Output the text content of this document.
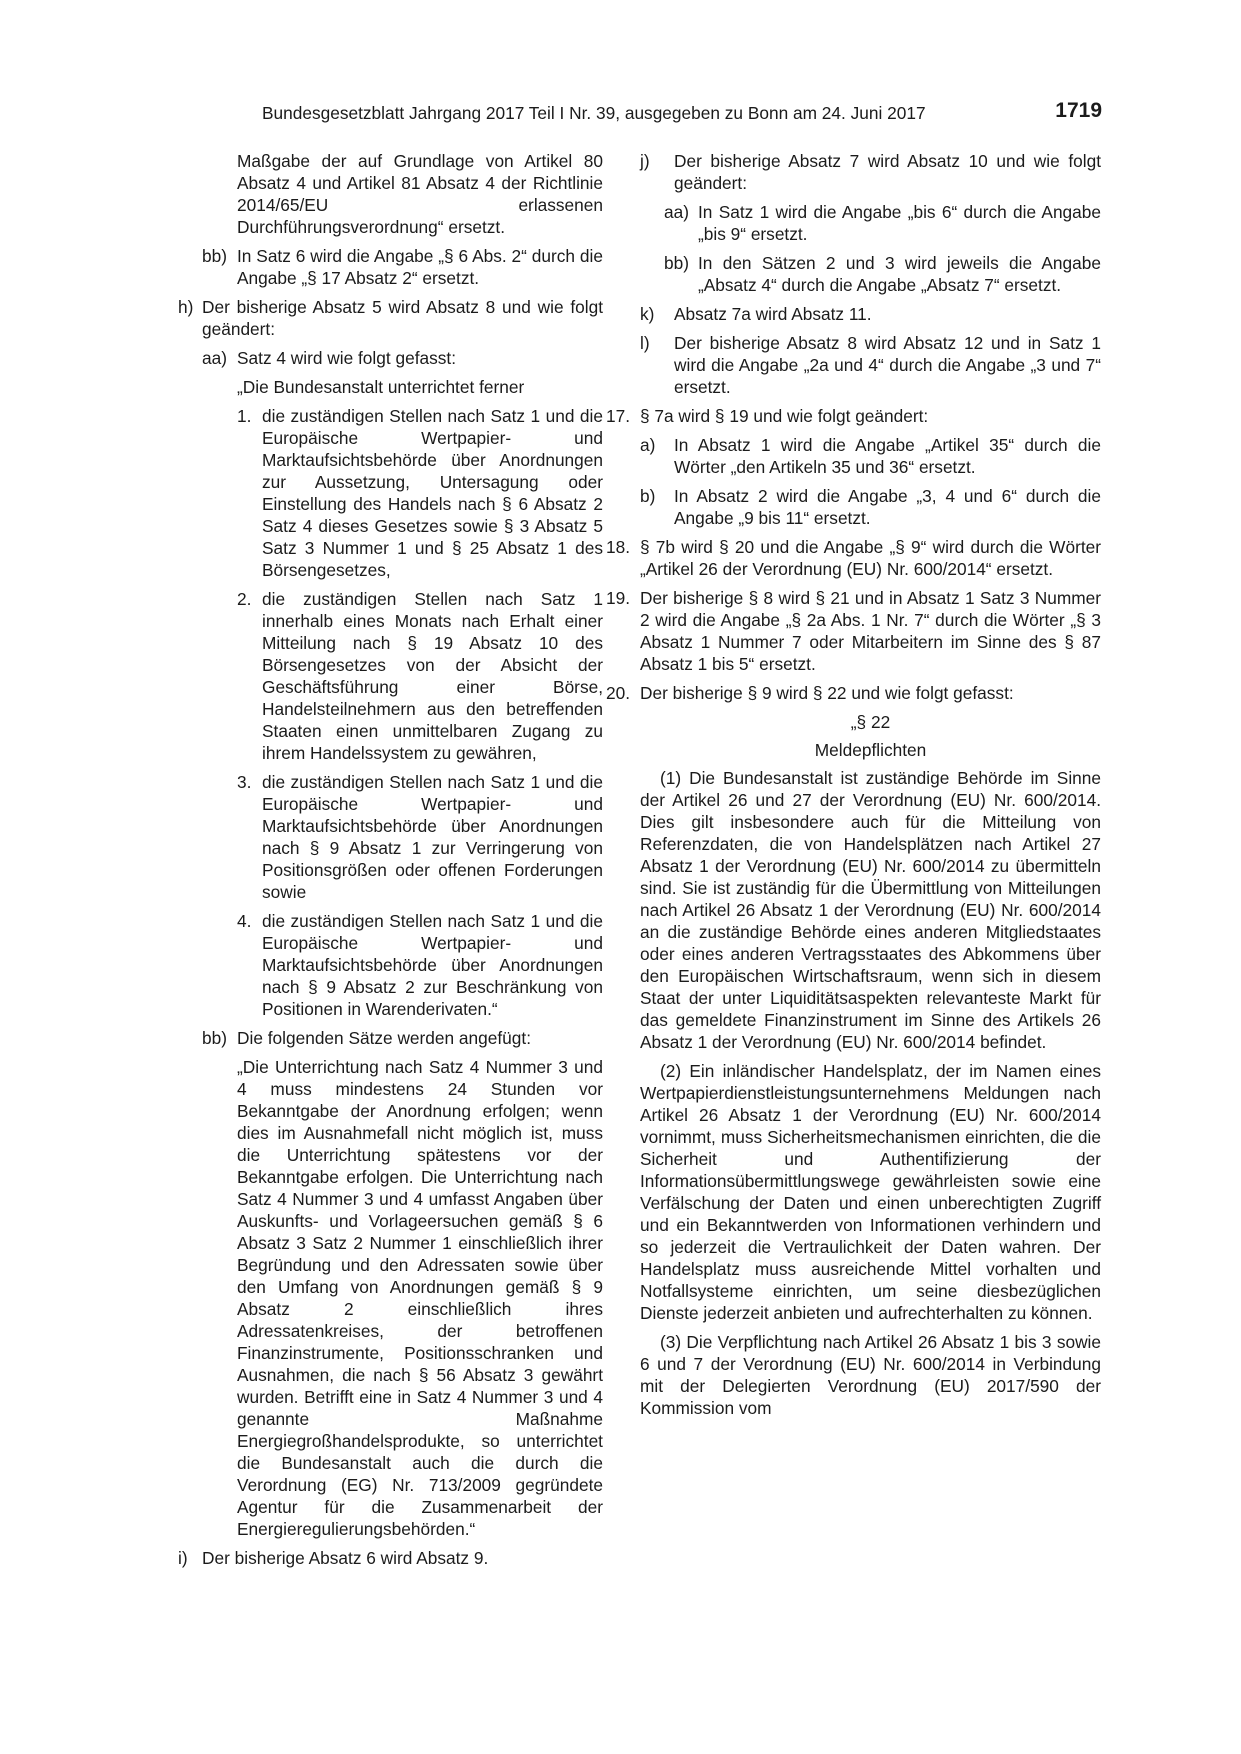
Bundesgesetzblatt Jahrgang 2017 Teil I Nr. 39, ausgegeben zu Bonn am 24. Juni 2017	1719

Maßgabe der auf Grundlage von Artikel 80 Absatz 4 und Artikel 81 Absatz 4 der Richtlinie 2014/65/EU erlassenen Durchführungsverordnung“ ersetzt.

bb) In Satz 6 wird die Angabe „§ 6 Abs. 2“ durch die Angabe „§ 17 Absatz 2“ ersetzt.
h) Der bisherige Absatz 5 wird Absatz 8 und wie folgt geändert:
aa) Satz 4 wird wie folgt gefasst:

„Die Bundesanstalt unterrichtet ferner

1. die zuständigen Stellen nach Satz 1 und die Europäische Wertpapier- und Marktaufsichtsbehörde über Anordnungen zur Aussetzung, Untersagung oder Einstellung des Handels nach § 6 Absatz 2 Satz 4 dieses Gesetzes sowie § 3 Absatz 5 Satz 3 Nummer 1 und § 25 Absatz 1 des Börsengesetzes,
2. die zuständigen Stellen nach Satz 1 innerhalb eines Monats nach Erhalt einer Mitteilung nach § 19 Absatz 10 des Börsengesetzes von der Absicht der Geschäftsführung einer Börse, Handelsteilnehmern aus den betreffenden Staaten einen unmittelbaren Zugang zu ihrem Handelssystem zu gewähren,
3. die zuständigen Stellen nach Satz 1 und die Europäische Wertpapier- und Marktaufsichtsbehörde über Anordnungen nach § 9 Absatz 1 zur Verringerung von Positionsgrößen oder offenen Forderungen sowie
4. die zuständigen Stellen nach Satz 1 und die Europäische Wertpapier- und Marktaufsichtsbehörde über Anordnungen nach § 9 Absatz 2 zur Beschränkung von Positionen in Warenderivaten.“
bb) Die folgenden Sätze werden angefügt:

„Die Unterrichtung nach Satz 4 Nummer 3 und 4 muss mindestens 24 Stunden vor Bekanntgabe der Anordnung erfolgen; wenn dies im Ausnahmefall nicht möglich ist, muss die Unterrichtung spätestens vor der Bekanntgabe erfolgen. Die Unterrichtung nach Satz 4 Nummer 3 und 4 umfasst Angaben über Auskunfts- und Vorlageersuchen gemäß § 6 Absatz 3 Satz 2 Nummer 1 einschließlich ihrer Begründung und den Adressaten sowie über den Umfang von Anordnungen gemäß § 9 Absatz 2 einschließlich ihres Adressatenkreises, der betroffenen Finanzinstrumente, Positionsschranken und Ausnahmen, die nach § 56 Absatz 3 gewährt wurden. Betrifft eine in Satz 4 Nummer 3 und 4 genannte Maßnahme Energiegroßhandelsprodukte, so unterrichtet die Bundesanstalt auch die durch die Verordnung (EG) Nr. 713/2009 gegründete Agentur für die Zusammenarbeit der Energieregulierungsbehörden.“

i) Der bisherige Absatz 6 wird Absatz 9.
j) Der bisherige Absatz 7 wird Absatz 10 und wie folgt geändert:
aa) In Satz 1 wird die Angabe „bis 6“ durch die Angabe „bis 9“ ersetzt.
bb) In den Sätzen 2 und 3 wird jeweils die Angabe „Absatz 4“ durch die Angabe „Absatz 7“ ersetzt.
k) Absatz 7a wird Absatz 11.
l) Der bisherige Absatz 8 wird Absatz 12 und in Satz 1 wird die Angabe „2a und 4“ durch die Angabe „3 und 7“ ersetzt.
17. § 7a wird § 19 und wie folgt geändert:
a) In Absatz 1 wird die Angabe „Artikel 35“ durch die Wörter „den Artikeln 35 und 36“ ersetzt.
b) In Absatz 2 wird die Angabe „3, 4 und 6“ durch die Angabe „9 bis 11“ ersetzt.
18. § 7b wird § 20 und die Angabe „§ 9“ wird durch die Wörter „Artikel 26 der Verordnung (EU) Nr. 600/2014“ ersetzt.
19. Der bisherige § 8 wird § 21 und in Absatz 1 Satz 3 Nummer 2 wird die Angabe „§ 2a Abs. 1 Nr. 7“ durch die Wörter „§ 3 Absatz 1 Nummer 7 oder Mitarbeitern im Sinne des § 87 Absatz 1 bis 5“ ersetzt.
20. Der bisherige § 9 wird § 22 und wie folgt gefasst:

„§ 22

Meldepflichten

(1) Die Bundesanstalt ist zuständige Behörde im Sinne der Artikel 26 und 27 der Verordnung (EU) Nr. 600/2014. Dies gilt insbesondere auch für die Mitteilung von Referenzdaten, die von Handelsplätzen nach Artikel 27 Absatz 1 der Verordnung (EU) Nr. 600/2014 zu übermitteln sind. Sie ist zuständig für die Übermittlung von Mitteilungen nach Artikel 26 Absatz 1 der Verordnung (EU) Nr. 600/2014 an die zuständige Behörde eines anderen Mitgliedstaates oder eines anderen Vertragsstaates des Abkommens über den Europäischen Wirtschaftsraum, wenn sich in diesem Staat der unter Liquiditätsaspekten relevanteste Markt für das gemeldete Finanzinstrument im Sinne des Artikels 26 Absatz 1 der Verordnung (EU) Nr. 600/2014 befindet.

(2) Ein inländischer Handelsplatz, der im Namen eines Wertpapierdienstleistungsunternehmens Meldungen nach Artikel 26 Absatz 1 der Verordnung (EU) Nr. 600/2014 vornimmt, muss Sicherheitsmechanismen einrichten, die die Sicherheit und Authentifizierung der Informationsübermittlungswege gewährleisten sowie eine Verfälschung der Daten und einen unberechtigten Zugriff und ein Bekanntwerden von Informationen verhindern und so jederzeit die Vertraulichkeit der Daten wahren. Der Handelsplatz muss ausreichende Mittel vorhalten und Notfallsysteme einrichten, um seine diesbezüglichen Dienste jederzeit anbieten und aufrechterhalten zu können.

(3) Die Verpflichtung nach Artikel 26 Absatz 1 bis 3 sowie 6 und 7 der Verordnung (EU) Nr. 600/2014 in Verbindung mit der Delegierten Verordnung (EU) 2017/590 der Kommission vom
